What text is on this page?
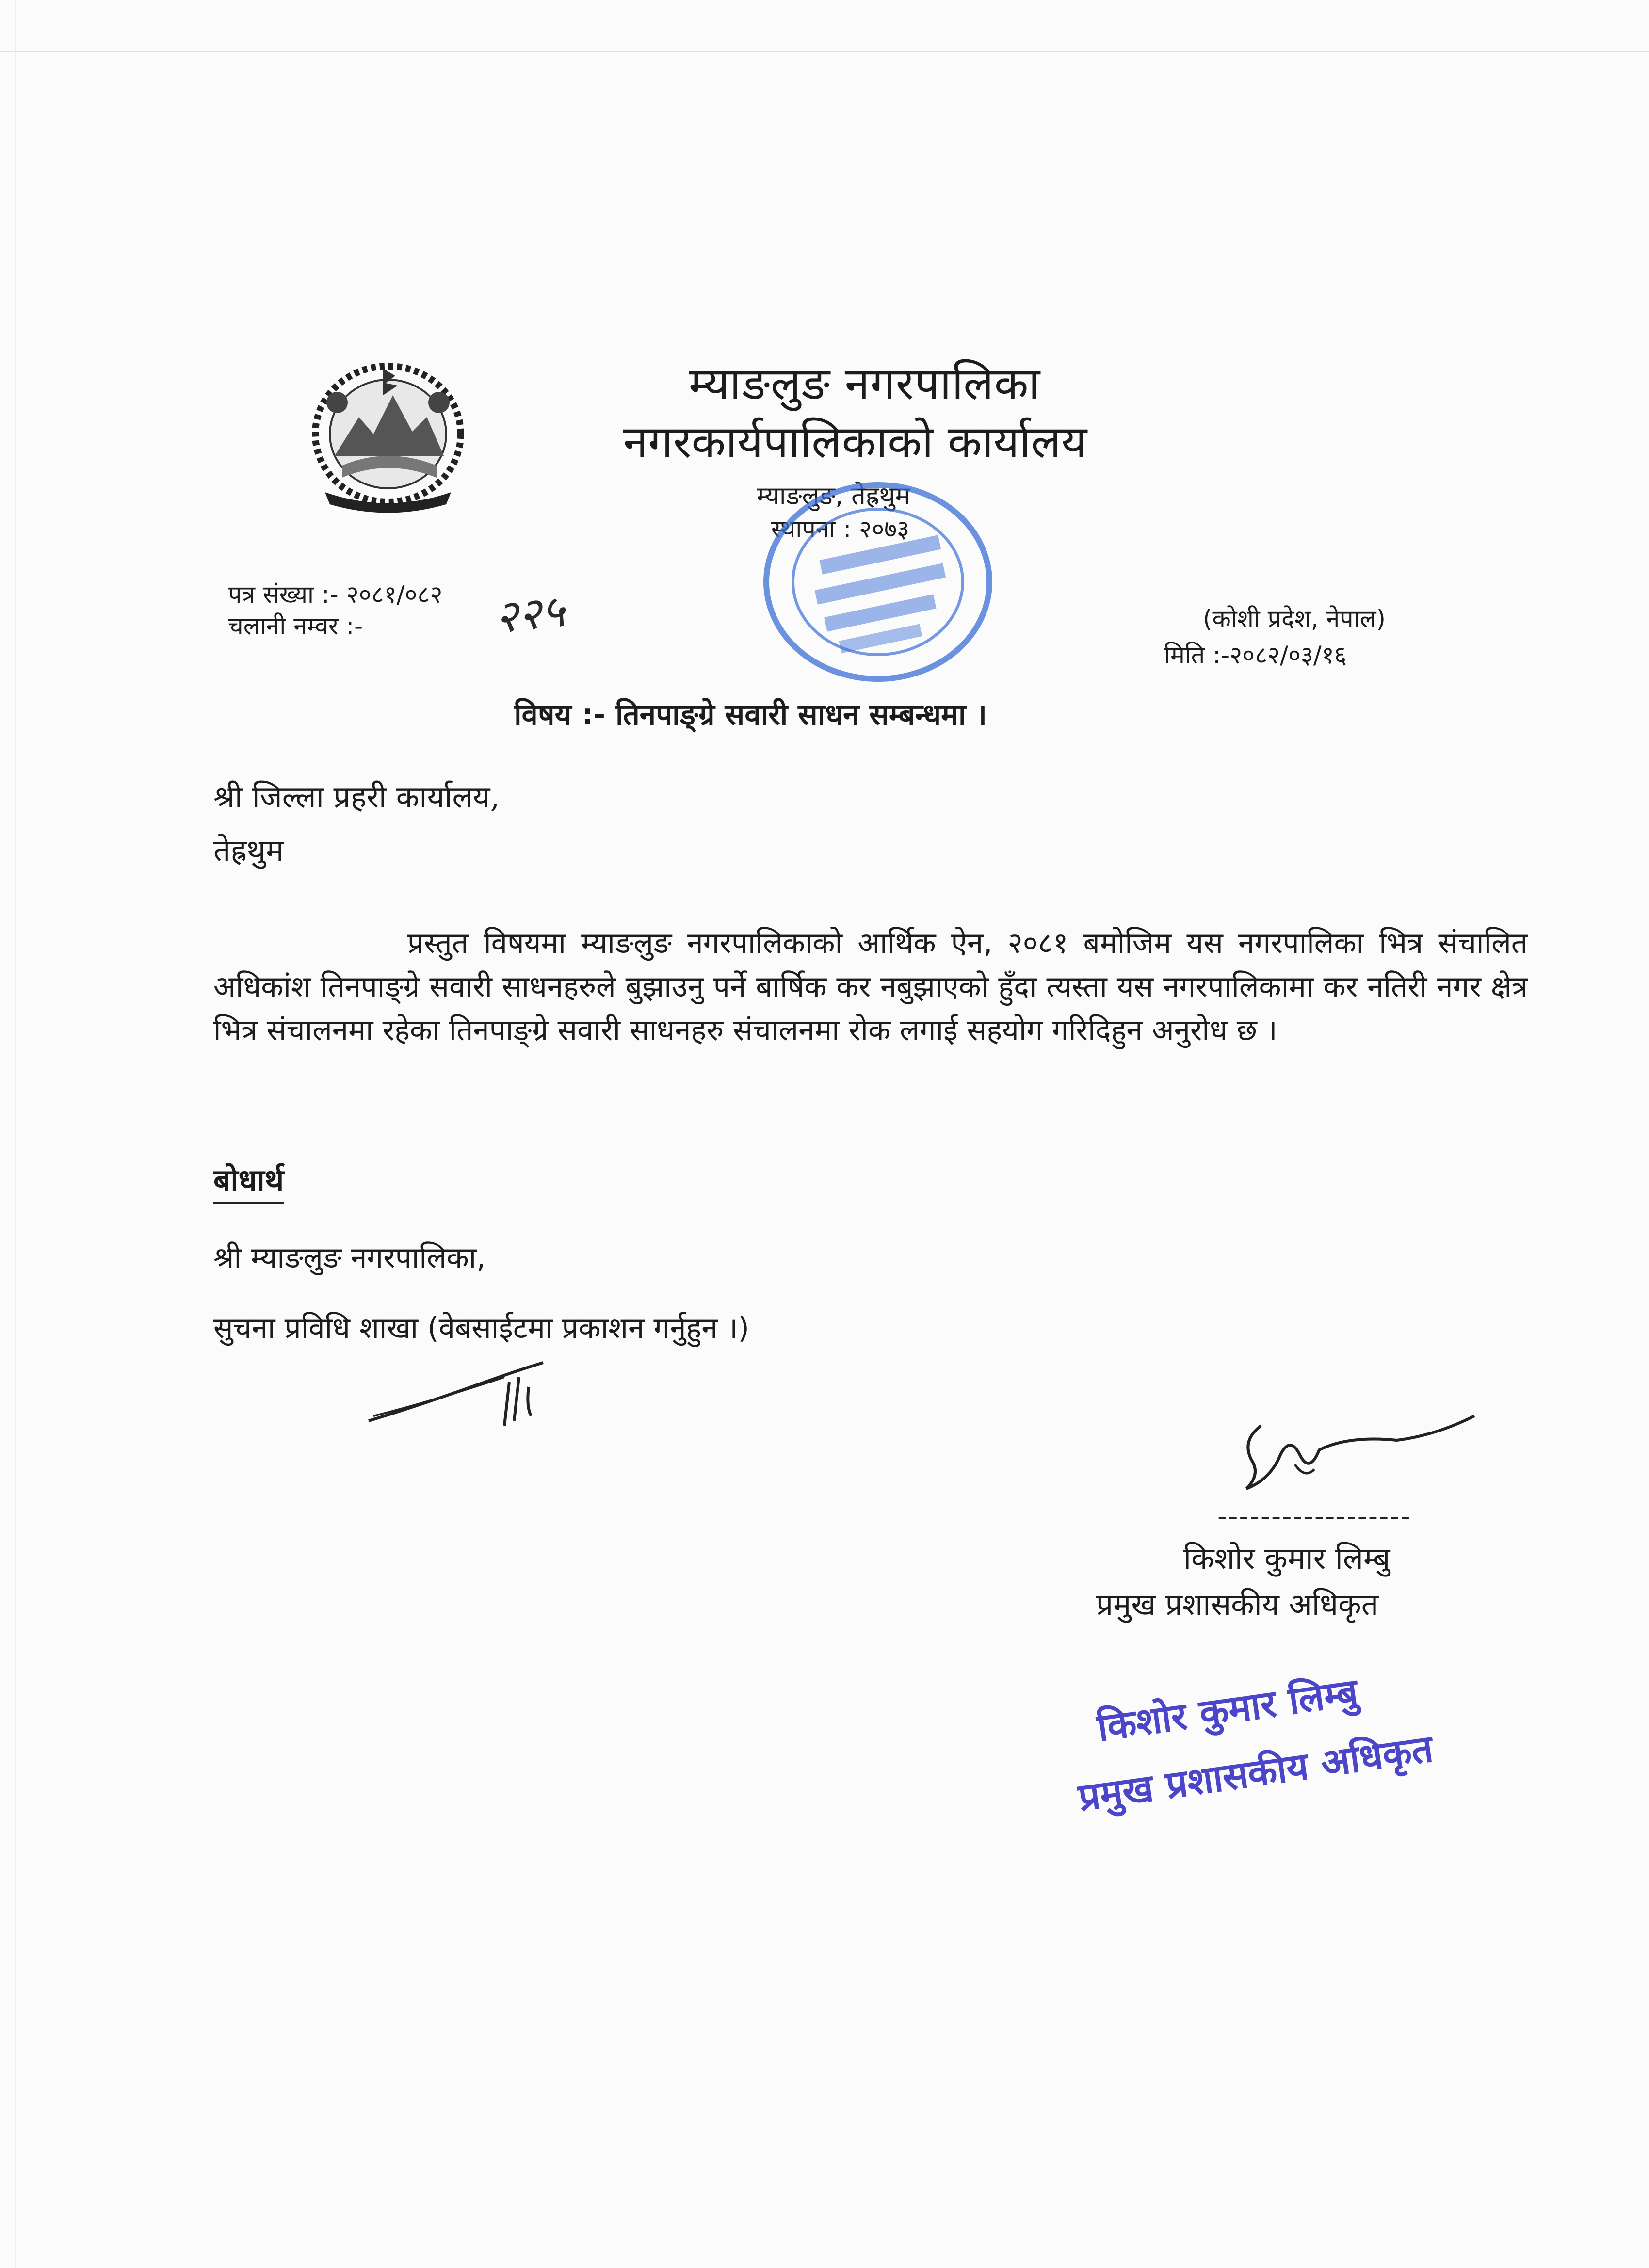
म्याङलुङ नगरपालिका
नगरकार्यपालिकाको कार्यालय
म्याङलुङ, तेह्रथुम
स्थापना : २०७३
पत्र संख्या :- २०८१/०८२
चलानी नम्वर :-	२२५	(कोशी प्रदेश, नेपाल)
मिति :-२०८२/०३/१६
विषय :- तिनपाङ्ग्रे सवारी साधन सम्बन्धमा ।
श्री जिल्ला प्रहरी कार्यालय,
तेह्रथुम
प्रस्तुत विषयमा म्याङलुङ नगरपालिकाको आर्थिक ऐन, २०८१ बमोजिम यस नगरपालिका भित्र संचालित अधिकांश तिनपाङ्ग्रे सवारी साधनहरुले बुझाउनु पर्ने बार्षिक कर नबुझाएको हुँदा त्यस्ता यस नगरपालिकामा कर नतिरी नगर क्षेत्र भित्र संचालनमा रहेका तिनपाङ्ग्रे सवारी साधनहरु संचालनमा रोक लगाई सहयोग गरिदिहुन अनुरोध छ ।
बोधार्थ
श्री म्याङलुङ नगरपालिका,
सुचना प्रविधि शाखा (वेबसाईटमा प्रकाशन गर्नुहुन ।)
------------------
किशोर कुमार लिम्बु
प्रमुख प्रशासकीय अधिकृत
किशोर कुमार लिम्बु
प्रमुख प्रशासकीय अधिकृत
